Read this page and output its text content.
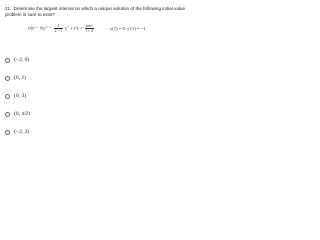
21. Determine the largest interval on which a unique solution of the following initial value problem is sure to exist?
t²(t² − 9)y‴ − $\frac{1}{2 - t} y'' + t^3y = \frac{\text{tan t}}{t + 4}$	y(1) = 0, y′(1) = −1
(−2, 0)
(0, 1)
(0, 3)
(0, π⁄2)
(−2, 3)
